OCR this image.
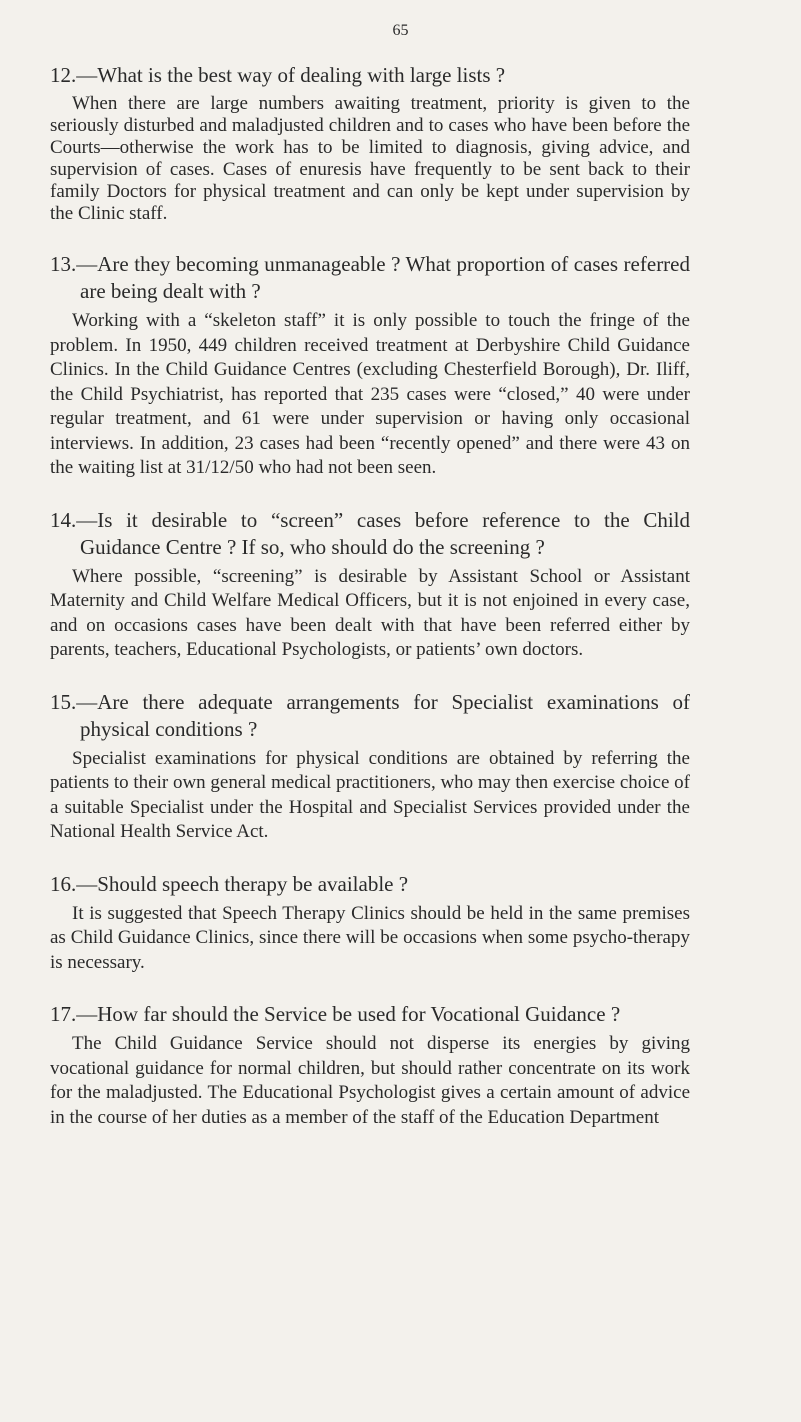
65

12.—What is the best way of dealing with large lists ?

When there are large numbers awaiting treatment, priority is given to the seriously disturbed and maladjusted children and to cases who have been before the Courts—otherwise the work has to be limited to diagnosis, giving advice, and supervision of cases. Cases of enuresis have frequently to be sent back to their family Doctors for physical treatment and can only be kept under supervision by the Clinic staff.

13.—Are they becoming unmanageable ? What proportion of cases referred are being dealt with ?

Working with a “skeleton staff” it is only possible to touch the fringe of the problem. In 1950, 449 children received treatment at Derbyshire Child Guidance Clinics. In the Child Guidance Centres (excluding Chesterfield Borough), Dr. Iliff, the Child Psychiatrist, has reported that 235 cases were “closed,” 40 were under regular treatment, and 61 were under supervision or having only occasional interviews. In addition, 23 cases had been “recently opened” and there were 43 on the waiting list at 31/12/50 who had not been seen.

14.—Is it desirable to “screen” cases before reference to the Child Guidance Centre ? If so, who should do the screening ?

Where possible, “screening” is desirable by Assistant School or Assistant Maternity and Child Welfare Medical Officers, but it is not enjoined in every case, and on occasions cases have been dealt with that have been referred either by parents, teachers, Educational Psychologists, or patients’ own doctors.

15.—Are there adequate arrangements for Specialist examinations of physical conditions ?

Specialist examinations for physical conditions are obtained by referring the patients to their own general medical practitioners, who may then exercise choice of a suitable Specialist under the Hospital and Specialist Services provided under the National Health Service Act.

16.—Should speech therapy be available ?

It is suggested that Speech Therapy Clinics should be held in the same premises as Child Guidance Clinics, since there will be occasions when some psycho-therapy is necessary.

17.—How far should the Service be used for Vocational Guidance ?

The Child Guidance Service should not disperse its energies by giving vocational guidance for normal children, but should rather concentrate on its work for the maladjusted. The Educational Psychologist gives a certain amount of advice in the course of her duties as a member of the staff of the Education Department
